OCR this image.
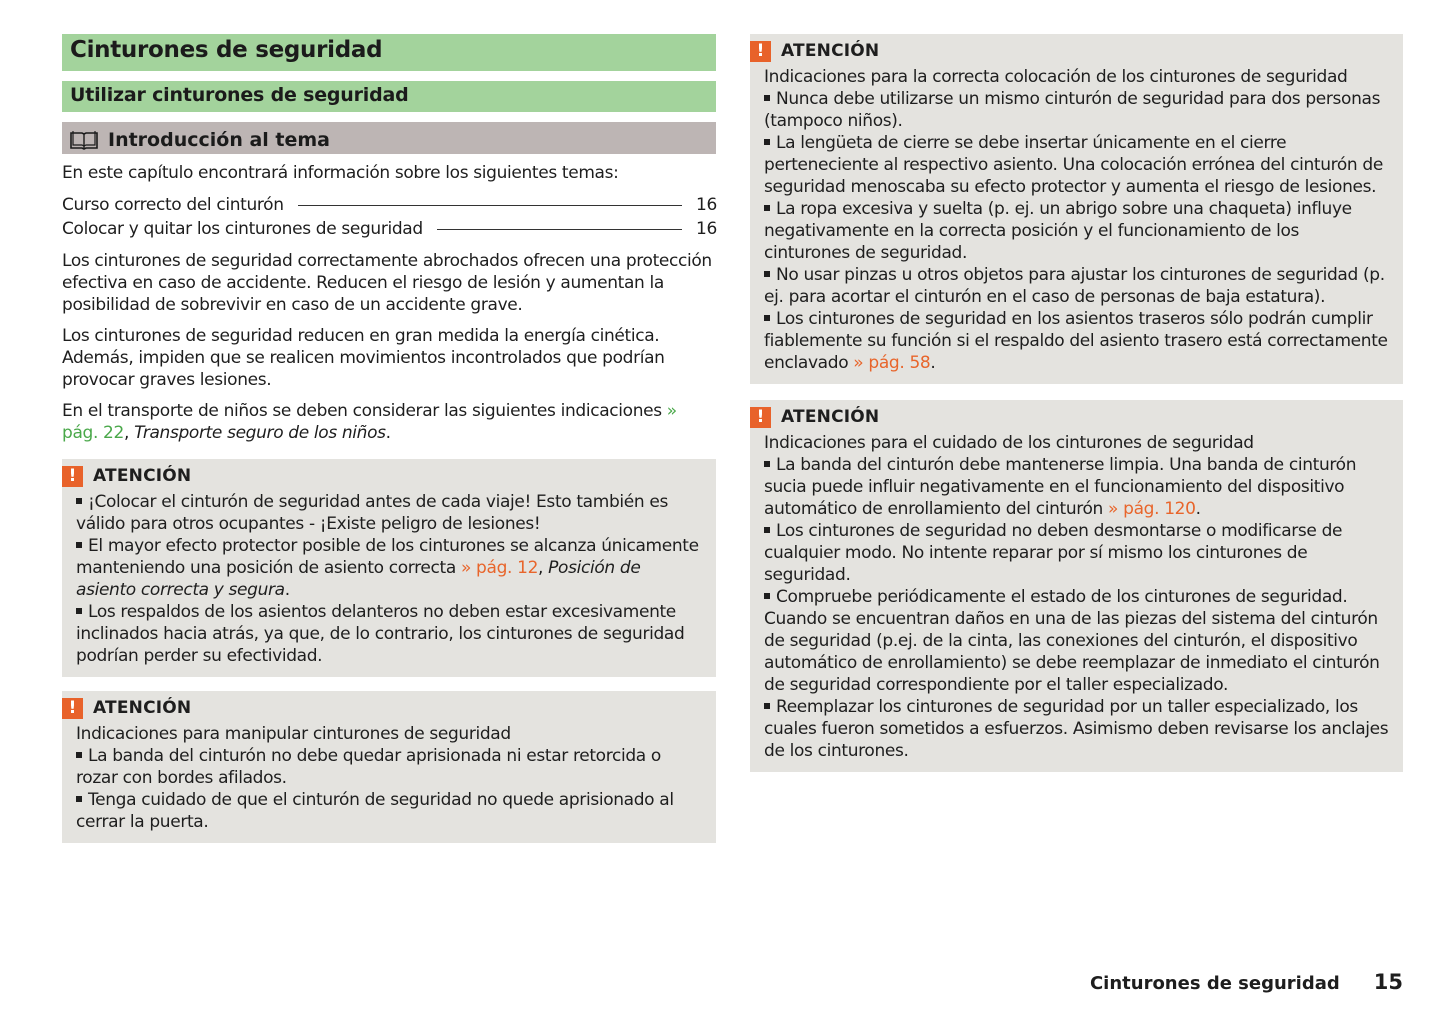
Cinturones de seguridad
Utilizar cinturones de seguridad
Introducción al tema

En este capítulo encontrará información sobre los siguientes temas:

Curso correcto del cinturón	16
Colocar y quitar los cinturones de seguridad	16

Los cinturones de seguridad correctamente abrochados ofrecen una protección efectiva en caso de accidente. Reducen el riesgo de lesión y aumentan la posibilidad de sobrevivir en caso de un accidente grave.

Los cinturones de seguridad reducen en gran medida la energía cinética. Además, impiden que se realicen movimientos incontrolados que podrían provocar graves lesiones.

En el transporte de niños se deben considerar las siguientes indicaciones » pág. 22, Transporte seguro de los niños.

! ATENCIÓN
¡Colocar el cinturón de seguridad antes de cada viaje! Esto también es válido para otros ocupantes - ¡Existe peligro de lesiones!
El mayor efecto protector posible de los cinturones se alcanza únicamente manteniendo una posición de asiento correcta » pág. 12, Posición de asiento correcta y segura.
Los respaldos de los asientos delanteros no deben estar excesivamente inclinados hacia atrás, ya que, de lo contrario, los cinturones de seguridad podrían perder su efectividad.
! ATENCIÓN
Indicaciones para manipular cinturones de seguridad
La banda del cinturón no debe quedar aprisionada ni estar retorcida o rozar con bordes afilados.
Tenga cuidado de que el cinturón de seguridad no quede aprisionado al cerrar la puerta.
! ATENCIÓN
Indicaciones para la correcta colocación de los cinturones de seguridad
Nunca debe utilizarse un mismo cinturón de seguridad para dos personas (tampoco niños).
La lengüeta de cierre se debe insertar únicamente en el cierre perteneciente al respectivo asiento. Una colocación errónea del cinturón de seguridad menoscaba su efecto protector y aumenta el riesgo de lesiones.
La ropa excesiva y suelta (p. ej. un abrigo sobre una chaqueta) influye negativamente en la correcta posición y el funcionamiento de los cinturones de seguridad.
No usar pinzas u otros objetos para ajustar los cinturones de seguridad (p. ej. para acortar el cinturón en el caso de personas de baja estatura).
Los cinturones de seguridad en los asientos traseros sólo podrán cumplir fiablemente su función si el respaldo del asiento trasero está correctamente enclavado » pág. 58.
! ATENCIÓN
Indicaciones para el cuidado de los cinturones de seguridad
La banda del cinturón debe mantenerse limpia. Una banda de cinturón sucia puede influir negativamente en el funcionamiento del dispositivo automático de enrollamiento del cinturón » pág. 120.
Los cinturones de seguridad no deben desmontarse o modificarse de cualquier modo. No intente reparar por sí mismo los cinturones de seguridad.
Compruebe periódicamente el estado de los cinturones de seguridad. Cuando se encuentran daños en una de las piezas del sistema del cinturón de seguridad (p.ej. de la cinta, las conexiones del cinturón, el dispositivo automático de enrollamiento) se debe reemplazar de inmediato el cinturón de seguridad correspondiente por el taller especializado.
Reemplazar los cinturones de seguridad por un taller especializado, los cuales fueron sometidos a esfuerzos. Asimismo deben revisarse los anclajes de los cinturones.
Cinturones de seguridad 15
